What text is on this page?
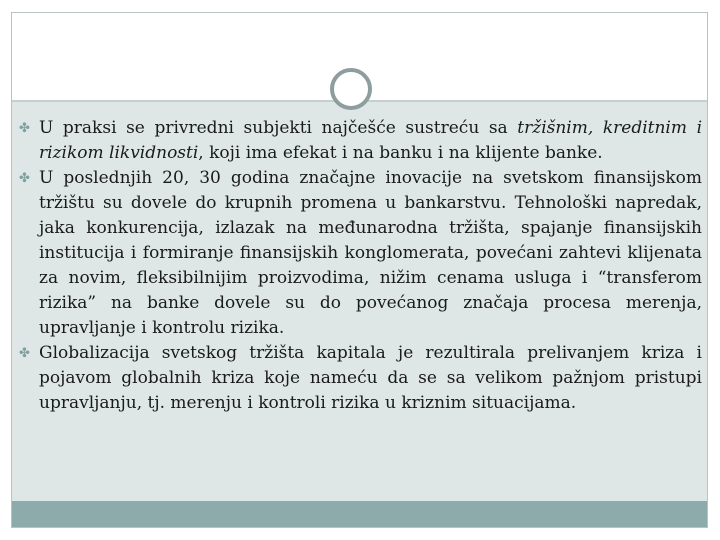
✤ U praksi se privredni subjekti najčešće sustreću sa tržišnim, kreditnim i rizikom likvidnosti, koji ima efekat i na banku i na klijente banke.
✤ U poslednjih 20, 30 godina značajne inovacije na svetskom finansijskom tržištu su dovele do krupnih promena u bankarstvu. Tehnološki napredak, jaka konkurencija, izlazak na međunarodna tržišta, spajanje finansijskih institucija i formiranje finansijskih konglomerata, povećani zahtevi klijenata za novim, fleksibilnijim proizvodima, nižim cenama usluga i “transferom rizika” na banke dovele su do povećanog značaja procesa merenja, upravljanje i kontrolu rizika.
✤ Globalizacija svetskog tržišta kapitala je rezultirala prelivanjem kriza i pojavom globalnih kriza koje nameću da se sa velikom pažnjom pristupi upravljanju, tj. merenju i kontroli rizika u kriznim situacijama.
